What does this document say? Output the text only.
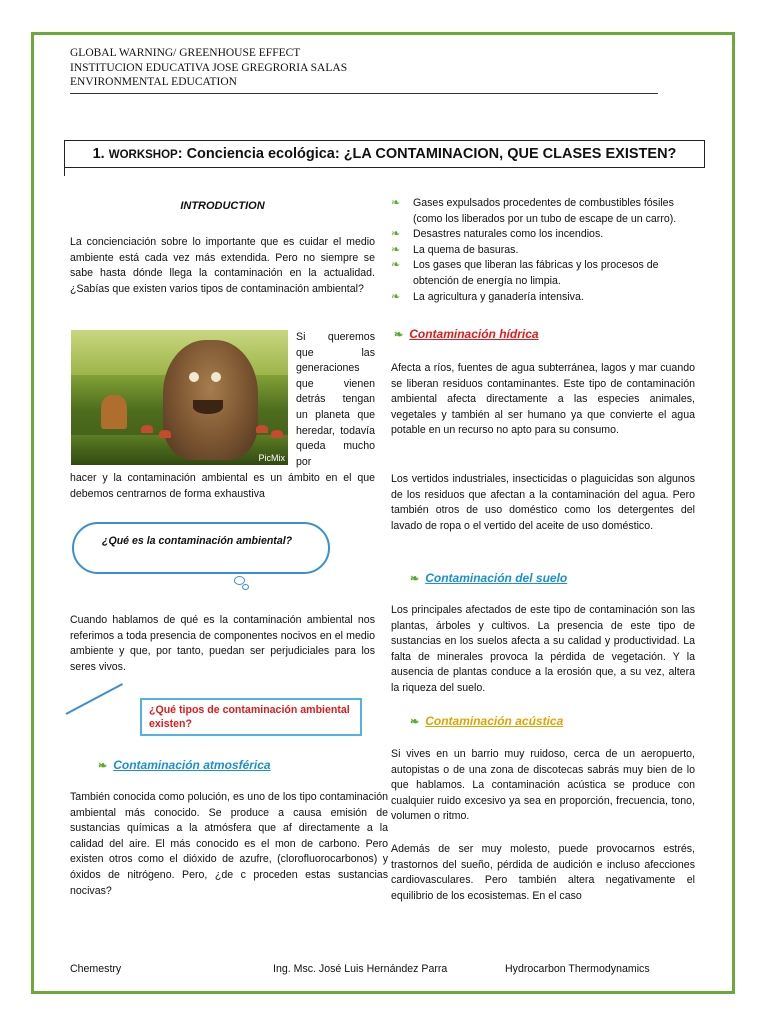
GLOBAL WARNING/ GREENHOUSE EFFECT
INSTITUCION EDUCATIVA JOSE GREGRORIA SALAS
ENVIRONMENTAL EDUCATION
1. WORKSHOP: Conciencia ecológica: ¿LA CONTAMINACION, QUE CLASES EXISTEN?
INTRODUCTION
La concienciación sobre lo importante que es cuidar el medio ambiente está cada vez más extendida. Pero no siempre se sabe hasta dónde llega la contaminación en la actualidad. ¿Sabías que existen varios tipos de contaminación ambiental?
PicMix
Si queremos que las generaciones que vienen detrás tengan un planeta que heredar, todavía queda mucho por
hacer y la contaminación ambiental es un ámbito en el que debemos centrarnos de forma exhaustiva
¿Qué es la contaminación ambiental?
Cuando hablamos de qué es la contaminación ambiental nos referimos a toda presencia de componentes nocivos en el medio ambiente y que, por tanto, puedan ser perjudiciales para los seres vivos.
¿Qué tipos de contaminación ambiental existen?
❧ Contaminación atmosférica
También conocida como polución, es uno de los tipo contaminación ambiental más conocido. Se produce a causa emisión de sustancias químicas a la atmósfera que af directamente a la calidad del aire. El más conocido es el mon de carbono. Pero existen otros como el dióxido de azufre, (clorofluorocarbonos) y óxidos de nitrógeno. Pero, ¿de c proceden estas sustancias nocivas?
❧ Gases expulsados procedentes de combustibles fósiles (como los liberados por un tubo de escape de un carro).
❧ Desastres naturales como los incendios.
❧ La quema de basuras.
❧ Los gases que liberan las fábricas y los procesos de obtención de energía no limpia.
❧ La agricultura y ganadería intensiva.
❧ Contaminación hídrica
Afecta a ríos, fuentes de agua subterránea, lagos y mar cuando se liberan residuos contaminantes. Este tipo de contaminación ambiental afecta directamente a las especies animales, vegetales y también al ser humano ya que convierte el agua potable en un recurso no apto para su consumo.
Los vertidos industriales, insecticidas o plaguicidas son algunos de los residuos que afectan a la contaminación del agua. Pero también otros de uso doméstico como los detergentes del lavado de ropa o el vertido del aceite de uso doméstico.
❧ Contaminación del suelo
Los principales afectados de este tipo de contaminación son las plantas, árboles y cultivos. La presencia de este tipo de sustancias en los suelos afecta a su calidad y productividad. La falta de minerales provoca la pérdida de vegetación. Y la ausencia de plantas conduce a la erosión que, a su vez, altera la riqueza del suelo.
❧ Contaminación acústica
Si vives en un barrio muy ruidoso, cerca de un aeropuerto, autopistas o de una zona de discotecas sabrás muy bien de lo que hablamos. La contaminación acústica se produce con cualquier ruido excesivo ya sea en proporción, frecuencia, tono, volumen o ritmo.
Además de ser muy molesto, puede provocarnos estrés, trastornos del sueño, pérdida de audición e incluso afecciones cardiovasculares. Pero también altera negativamente el equilibrio de los ecosistemas. En el caso
Chemestry	Ing. Msc. José Luis Hernández Parra	Hydrocarbon Thermodynamics
